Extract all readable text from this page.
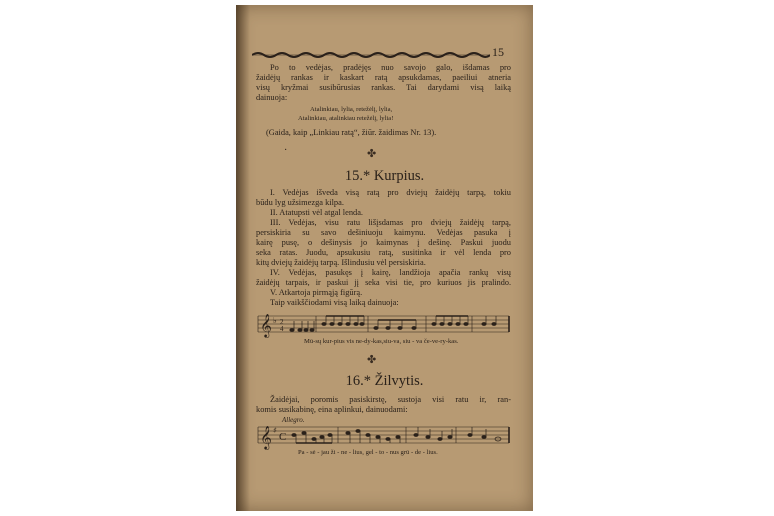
15
Po to vedėjas, pradėjęs nuo savojo galo, išdamas pro
žaidėjų rankas ir kaskart ratą apsukdamas, paeiliui atneria
visų kryžmai susibūrusias rankas. Tai darydami visą laiką
dainuoja:
Atalinkiau, lylia, retežėlį, lylia,
Atalinkiau, atalinkiau retežėlį, lylia!
(Gaida, kaip „Linkiau ratą“, žiūr. žaidimas Nr. 13).
·	✤
15.* Kurpius.
I. Vedėjas išveda visą ratą pro dviejų žaidėjų tarpą, tokiu
būdu lyg užsimezga kilpa.
II. Atatupsti vėl atgal lenda.
III. Vedėjas, visu ratu lišįsdamas pro dviejų žaidėjų tarpą,
persiskiria su savo dešiniuoju kaimynu. Vedėjas pasuka į
kairę pusę, o dešinysis jo kaimynas į dešinę. Paskui juodu
seka ratas. Juodu, apsukusiu ratą, susitinka ir vėl lenda pro
kitų dviejų žaidėjų tarpą. Išlindusiu vėl persiskiria.
IV. Vedėjas, pasukęs į kairę, landžioja apačia rankų visų
žaidėjų tarpais, ir paskui jį seka visi tie, pro kuriuos jis pralindo.
V. Atkartoja pirmąją figūrą.
Taip vaikščiodami visą laiką dainuoja:
𝄞 ♭ 2
4
Mū-sų kur-pius vis ne-dy-kas,siu-va, siu - va če-ve-ry-kas.
✤
16.* Žilvytis.
Žaidėjai, poromis pasiskirstę, sustoja visi ratu ir, ran-
komis susikabinę, eina aplinkui, dainuodami:
Allegro.
𝄞 ♯
C
Pa - sė - jau ži - ne - lius, gel - to - nus grū - de - lius.
